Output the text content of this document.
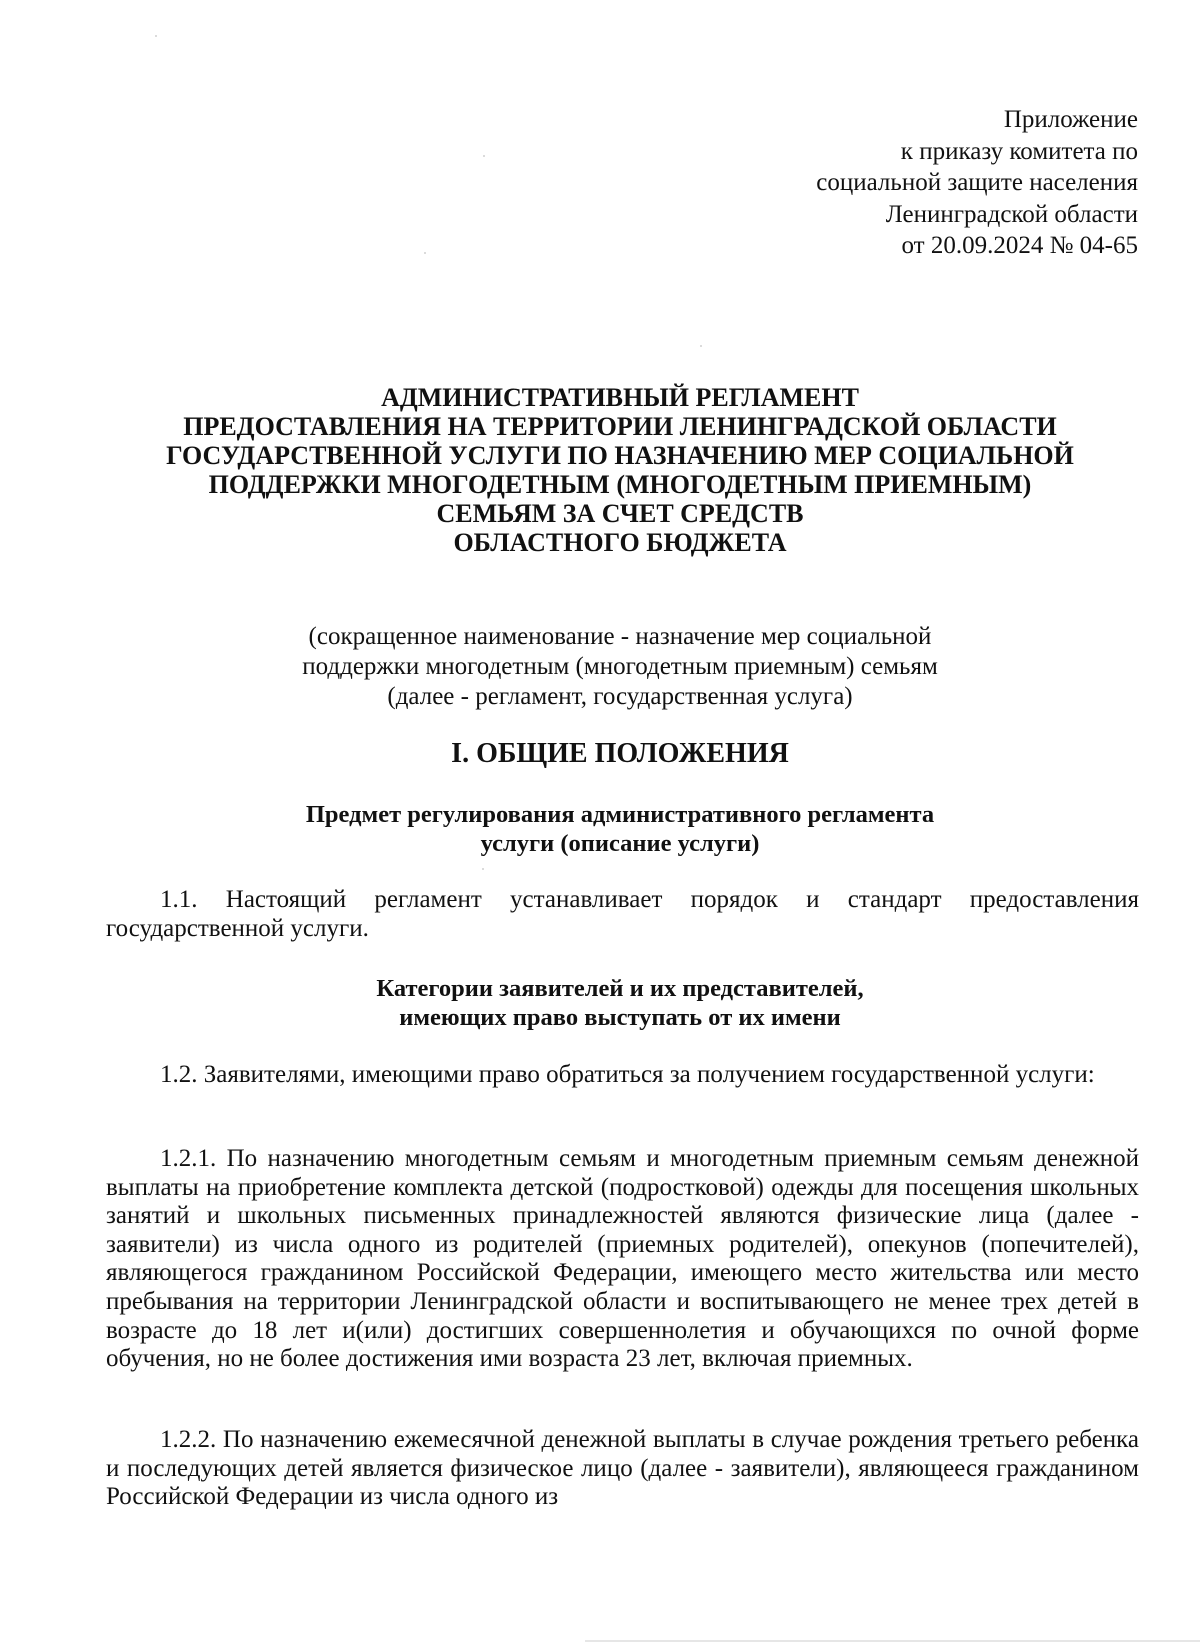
Приложение
к приказу комитета по
социальной защите населения
Ленинградской области
от 20.09.2024 № 04-65
АДМИНИСТРАТИВНЫЙ РЕГЛАМЕНТ
ПРЕДОСТАВЛЕНИЯ НА ТЕРРИТОРИИ ЛЕНИНГРАДСКОЙ ОБЛАСТИ
ГОСУДАРСТВЕННОЙ УСЛУГИ ПО НАЗНАЧЕНИЮ МЕР СОЦИАЛЬНОЙ
ПОДДЕРЖКИ МНОГОДЕТНЫМ (МНОГОДЕТНЫМ ПРИЕМНЫМ)
СЕМЬЯМ ЗА СЧЕТ СРЕДСТВ
ОБЛАСТНОГО БЮДЖЕТА
(сокращенное наименование - назначение мер социальной
поддержки многодетным (многодетным приемным) семьям
(далее - регламент, государственная услуга)
I. ОБЩИЕ ПОЛОЖЕНИЯ
Предмет регулирования административного регламента
услуги (описание услуги)

1.1. Настоящий регламент устанавливает порядок и стандарт предоставления государственной услуги.

Категории заявителей и их представителей,
имеющих право выступать от их имени

1.2. Заявителями, имеющими право обратиться за получением государственной услуги:

1.2.1. По назначению многодетным семьям и многодетным приемным семьям денежной выплаты на приобретение комплекта детской (подростковой) одежды для посещения школьных занятий и школьных письменных принадлежностей являются физические лица (далее - заявители) из числа одного из родителей (приемных родителей), опекунов (попечителей), являющегося гражданином Российской Федерации, имеющего место жительства или место пребывания на территории Ленинградской области и воспитывающего не менее трех детей в возрасте до 18 лет и(или) достигших совершеннолетия и обучающихся по очной форме обучения, но не более достижения ими возраста 23 лет, включая приемных.

1.2.2. По назначению ежемесячной денежной выплаты в случае рождения третьего ребенка и последующих детей является физическое лицо (далее - заявители), являющееся гражданином Российской Федерации из числа одного из
